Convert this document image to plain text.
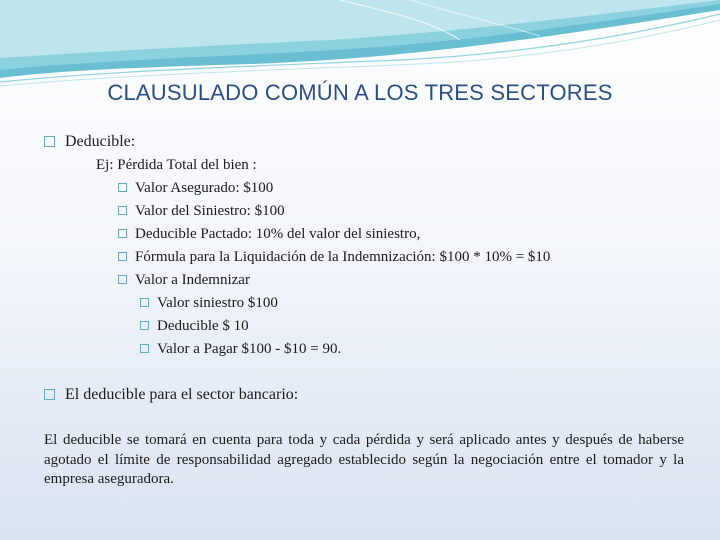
CLAUSULADO COMÚN A LOS TRES SECTORES
Deducible:
Ej: Pérdida Total del bien :
Valor Asegurado: $100
Valor del Siniestro: $100
Deducible Pactado: 10% del valor del siniestro,
Fórmula para la Liquidación de la Indemnización: $100 * 10% = $10
Valor a Indemnizar
Valor siniestro $100
Deducible $ 10
Valor a Pagar $100 - $10 = 90.
El deducible para el sector bancario:
El deducible se tomará en cuenta para toda y cada pérdida y será aplicado antes y después de haberse agotado el límite de responsabilidad agregado establecido según la negociación entre el tomador y la empresa aseguradora.
